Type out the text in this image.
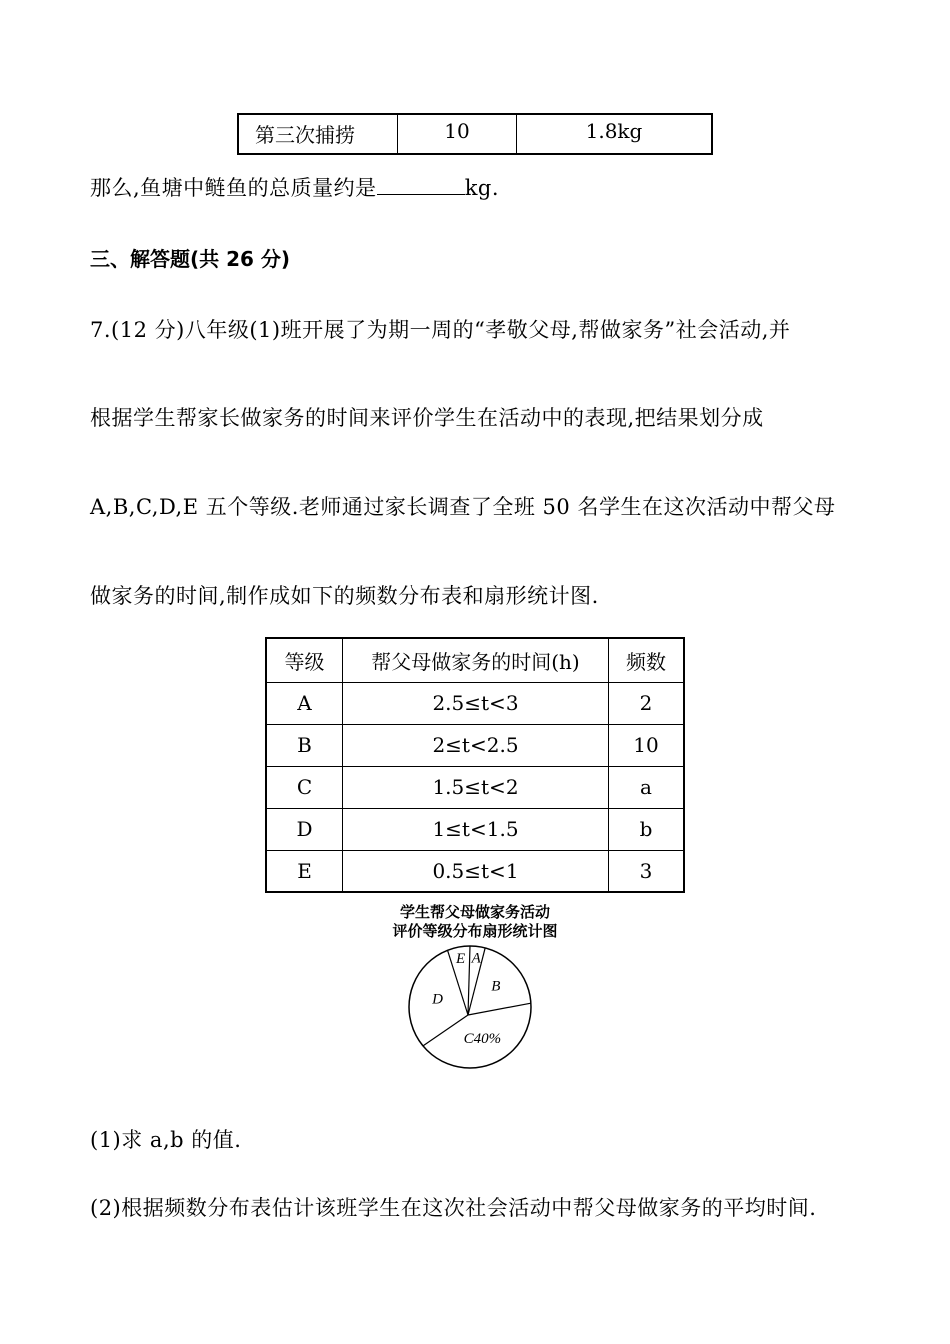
第三次捕捞	10	1.8kg
那么,鱼塘中鲢鱼的总质量约是	kg.
三、解答题(共 26 分)
7.(12 分)八年级(1)班开展了为期一周的“孝敬父母,帮做家务”社会活动,并
根据学生帮家长做家务的时间来评价学生在活动中的表现,把结果划分成
A,B,C,D,E 五个等级.老师通过家长调查了全班 50 名学生在这次活动中帮父母
做家务的时间,制作成如下的频数分布表和扇形统计图.
等级	帮父母做家务的时间(h)	频数
A	2.5≤t<3	2
B	2≤t<2.5	10
C	1.5≤t<2	a
D	1≤t<1.5	b
E	0.5≤t<1	3
学生帮父母做家务活动
评价等级分布扇形统计图
A
B
C40%
D
E
(1)求 a,b 的值.
(2)根据频数分布表估计该班学生在这次社会活动中帮父母做家务的平均时间.
